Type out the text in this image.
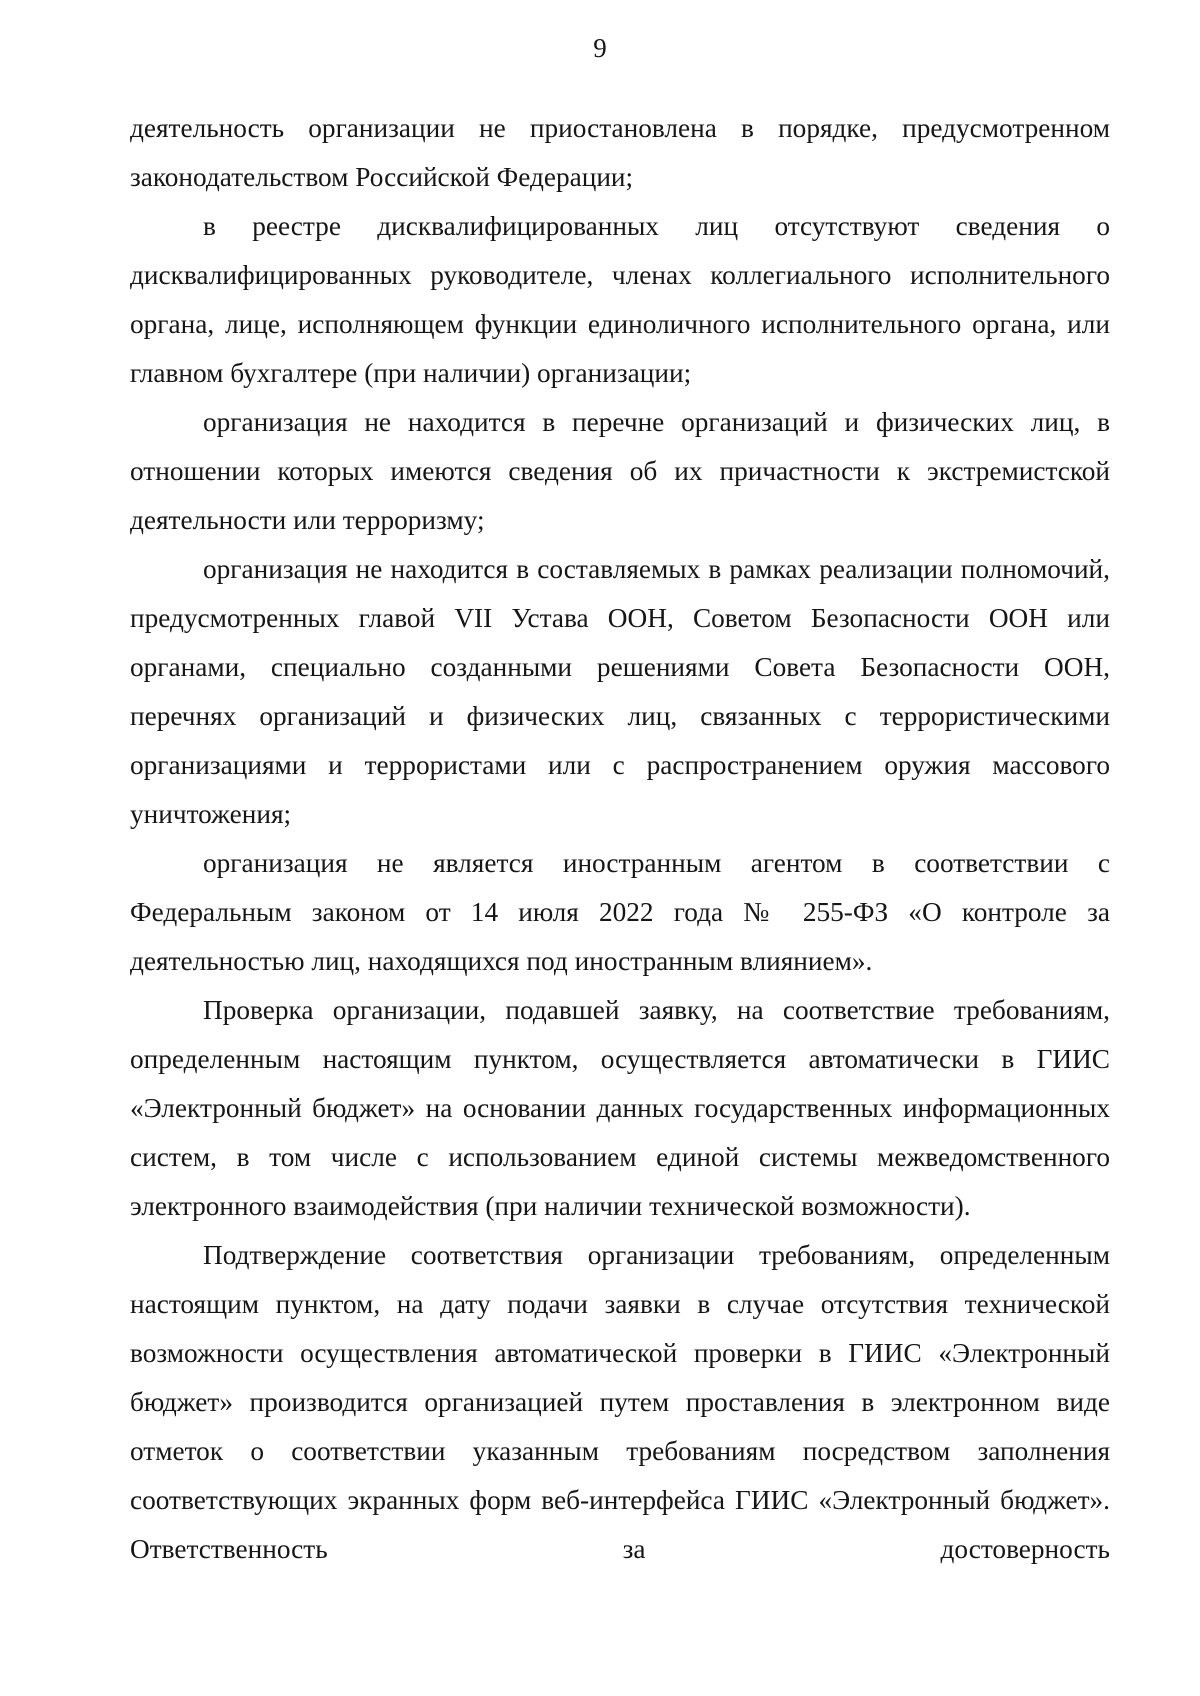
9

деятельность организации не приостановлена в порядке, предусмотренном законодательством Российской Федерации;

в реестре дисквалифицированных лиц отсутствуют сведения о дисквалифицированных руководителе, членах коллегиального исполнительного органа, лице, исполняющем функции единоличного исполнительного органа, или главном бухгалтере (при наличии) организации;

организация не находится в перечне организаций и физических лиц, в отношении которых имеются сведения об их причастности к экстремистской деятельности или терроризму;

организация не находится в составляемых в рамках реализации полномочий, предусмотренных главой VII Устава ООН, Советом Безопасности ООН или органами, специально созданными решениями Совета Безопасности ООН, перечнях организаций и физических лиц, связанных с террористическими организациями и террористами или с распространением оружия массового уничтожения;

организация не является иностранным агентом в соответствии с Федеральным законом от 14 июля 2022 года № 255-ФЗ «О контроле за деятельностью лиц, находящихся под иностранным влиянием».

Проверка организации, подавшей заявку, на соответствие требованиям, определенным настоящим пунктом, осуществляется автоматически в ГИИС «Электронный бюджет» на основании данных государственных информационных систем, в том числе с использованием единой системы межведомственного электронного взаимодействия (при наличии технической возможности).

Подтверждение соответствия организации требованиям, определенным настоящим пунктом, на дату подачи заявки в случае отсутствия технической возможности осуществления автоматической проверки в ГИИС «Электронный бюджет» производится организацией путем проставления в электронном виде отметок о соответствии указанным требованиям посредством заполнения соответствующих экранных форм веб-интерфейса ГИИС «Электронный бюджет». Ответственность за достоверность
